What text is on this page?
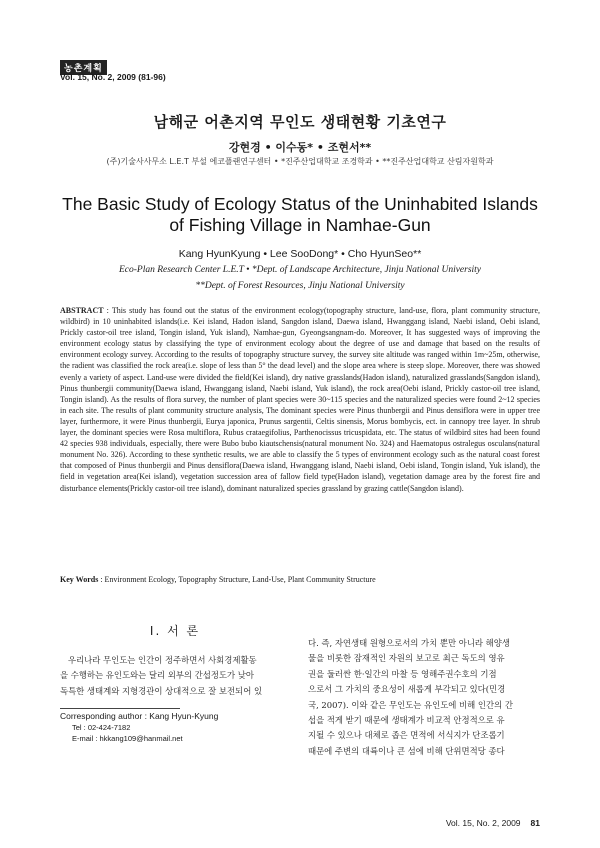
농촌계획
Vol. 15, No. 2, 2009 (81-96)
남해군 어촌지역 무인도 생태현황 기초연구
강현경 • 이수동* • 조현서**
(주)기술사사무소 L.E.T 부설 에코플랜연구센터 • *진주산업대학교 조경학과 • **진주산업대학교 산림자원학과
The Basic Study of Ecology Status of the Uninhabited Islands
of Fishing Village in Namhae-Gun
Kang HyunKyung • Lee SooDong* • Cho HyunSeo**
Eco-Plan Research Center L.E.T • *Dept. of Landscape Architecture, Jinju National University
**Dept. of Forest Resources, Jinju National University
ABSTRACT : This study has found out the status of the environment ecology(topography structure, land-use, flora, plant community structure, wildbird) in 10 uninhabited islands(i.e. Kei island, Hadon island, Sangdon island, Daewa island, Hwanggang island, Naebi island, Oebi island, Prickly castor-oil tree island, Tongin island, Yuk island), Namhae-gun, Gyeongsangnam-do. Moreover, It has suggested ways of improving the environment ecology status by classifying the type of environment ecology about the degree of use and damage that based on the results of environment ecology survey. According to the results of topography structure survey, the survey site altitude was ranged within 1m~25m, otherwise, the radient was classified the rock area(i.e. slope of less than 5° the dead level) and the slope area where is steep slope. Moreover, there was showed evenly a variety of aspect. Land-use were divided the field(Kei island), dry native grasslands(Hadon island), naturalized grasslands(Sangdon island), Pinus thunbergii community(Daewa island, Hwanggang island, Naebi island, Yuk island), the rock area(Oebi island, Prickly castor-oil tree island, Tongin island). As the results of flora survey, the number of plant species were 30~115 species and the naturalized species were found 2~12 species in each site. The results of plant community structure analysis, The dominant species were Pinus thunbergii and Pinus densiflora were in upper tree layer, furthermore, it were Pinus thunbergii, Eurya japonica, Prunus sargentii, Celtis sinensis, Morus bombycis, ect. in cannopy tree layer. In shrub layer, the dominant species were Rosa multiflora, Rubus crataegifolius, Parthenocissus tricuspidata, etc. The status of wildbird sites had been found 42 species 938 individuals, especially, there were Bubo bubo kiautschensis(natural monument No. 324) and Haematopus ostralegus osculans(natural monument No. 326). According to these synthetic results, we are able to classify the 5 types of environment ecology such as the natural coast forest that composed of Pinus thunbergii and Pinus densiflora(Daewa island, Hwanggang island, Naebi island, Oebi island, Tongin island, Yuk island), the field in vegetation area(Kei island), vegetation succession area of fallow field type(Hadon island), vegetation damage area by the forest fire and disturbance elements(Prickly castor-oil tree island), dominant naturalized species grassland by grazing cattle(Sangdon island).
Key Words : Environment Ecology, Topography Structure, Land-Use, Plant Community Structure
I. 서 론
우리나라 무인도는 인간이 정주하면서 사회경제활동
을 수행하는 유인도와는 달리 외부의 간섭정도가 낮아
독특한 생태계와 지형경관이 상대적으로 잘 보전되어 있
다. 즉, 자연생태 원형으로서의 가치 뿐만 아니라 해양생
물을 비롯한 잠재적인 자원의 보고로 최근 독도의 영유
권을 둘러싼 한·일간의 마찰 등 영해주권수호의 기점
으로서 그 가치의 중요성이 새롭게 부각되고 있다(민경
국, 2007). 이와 같은 무인도는 유인도에 비해 인간의 간
섭을 적게 받기 때문에 생태계가 비교적 안정적으로 유
지될 수 있으나 대체로 좁은 면적에 서식지가 단조롭기
때문에 주변의 대륙이나 큰 섬에 비해 단위면적당 종다
Corresponding author : Kang Hyun-Kyung
Tel : 02-424-7182
E-mail : hkkang109@hanmail.net
Vol. 15, No. 2, 2009 81
